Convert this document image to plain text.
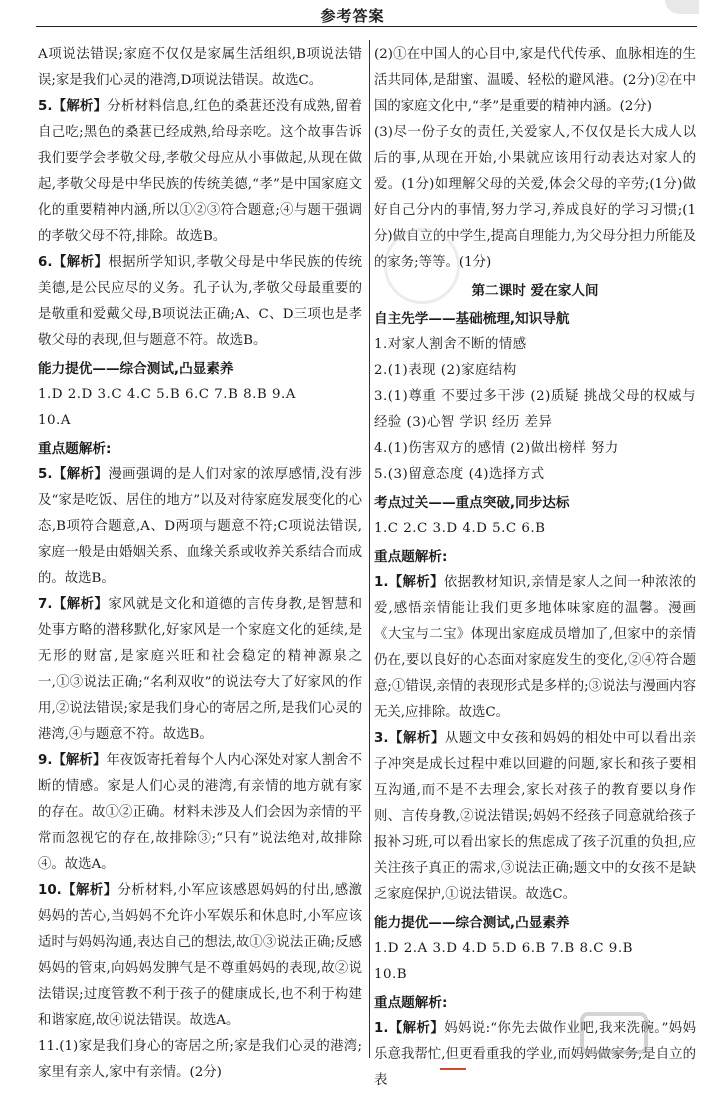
参考答案

A项说法错误;家庭不仅仅是家属生活组织,B项说法错误;家是我们心灵的港湾,D项说法错误。故选C。

5.【解析】分析材料信息,红色的桑葚还没有成熟,留着自己吃;黑色的桑葚已经成熟,给母亲吃。这个故事告诉我们要学会孝敬父母,孝敬父母应从小事做起,从现在做起,孝敬父母是中华民族的传统美德,“孝”是中国家庭文化的重要精神内涵,所以①②③符合题意;④与题干强调的孝敬父母不符,排除。故选B。

6.【解析】根据所学知识,孝敬父母是中华民族的传统美德,是公民应尽的义务。孔子认为,孝敬父母最重要的是敬重和爱戴父母,B项说法正确;A、C、D三项也是孝敬父母的表现,但与题意不符。故选B。

能力提优——综合测试,凸显素养
1.D 2.D 3.C 4.C 5.B 6.C 7.B 8.B 9.A
10.A
重点题解析:

5.【解析】漫画强调的是人们对家的浓厚感情,没有涉及“家是吃饭、居住的地方”以及对待家庭发展变化的心态,B项符合题意,A、D两项与题意不符;C项说法错误,家庭一般是由婚姻关系、血缘关系或收养关系结合而成的。故选B。

7.【解析】家风就是文化和道德的言传身教,是智慧和处事方略的潜移默化,好家风是一个家庭文化的延续,是无形的财富,是家庭兴旺和社会稳定的精神源泉之一,①③说法正确;“名利双收”的说法夸大了好家风的作用,②说法错误;家是我们身心的寄居之所,是我们心灵的港湾,④与题意不符。故选B。

9.【解析】年夜饭寄托着每个人内心深处对家人割舍不断的情感。家是人们心灵的港湾,有亲情的地方就有家的存在。故①②正确。材料未涉及人们会因为亲情的平常而忽视它的存在,故排除③;“只有”说法绝对,故排除④。故选A。

10.【解析】分析材料,小军应该感恩妈妈的付出,感激妈妈的苦心,当妈妈不允许小军娱乐和休息时,小军应该适时与妈妈沟通,表达自己的想法,故①③说法正确;反感妈妈的管束,向妈妈发脾气是不尊重妈妈的表现,故②说法错误;过度管教不利于孩子的健康成长,也不利于构建和谐家庭,故④说法错误。故选A。

11.(1)家是我们身心的寄居之所;家是我们心灵的港湾;家里有亲人,家中有亲情。(2分)

(2)①在中国人的心目中,家是代代传承、血脉相连的生活共同体,是甜蜜、温暖、轻松的避风港。(2分)②在中国的家庭文化中,“孝”是重要的精神内涵。(2分)

(3)尽一份子女的责任,关爱家人,不仅仅是长大成人以后的事,从现在开始,小果就应该用行动表达对家人的爱。(1分)如理解父母的关爱,体会父母的辛劳;(1分)做好自己分内的事情,努力学习,养成良好的学习习惯;(1分)做自立的中学生,提高自理能力,为父母分担力所能及的家务;等等。(1分)

第二课时 爱在家人间
自主先学——基础梳理,知识导航
1.对家人割舍不断的情感
2.(1)表现 (2)家庭结构
3.(1)尊重 不要过多干涉 (2)质疑 挑战父母的权威与经验 (3)心智 学识 经历 差异
4.(1)伤害双方的感情 (2)做出榜样 努力
5.(3)留意态度 (4)选择方式
考点过关——重点突破,同步达标
1.C 2.C 3.D 4.D 5.C 6.B
重点题解析:

1.【解析】依据教材知识,亲情是家人之间一种浓浓的爱,感悟亲情能让我们更多地体味家庭的温馨。漫画《大宝与二宝》体现出家庭成员增加了,但家中的亲情仍在,要以良好的心态面对家庭发生的变化,②④符合题意;①错误,亲情的表现形式是多样的;③说法与漫画内容无关,应排除。故选C。

3.【解析】从题文中女孩和妈妈的相处中可以看出亲子冲突是成长过程中难以回避的问题,家长和孩子要相互沟通,而不是不去理会,家长对孩子的教育要以身作则、言传身教,②说法错误;妈妈不经孩子同意就给孩子报补习班,可以看出家长的焦虑成了孩子沉重的负担,应关注孩子真正的需求,③说法正确;题文中的女孩不是缺乏家庭保护,①说法错误。故选C。

能力提优——综合测试,凸显素养
1.D 2.A 3.D 4.D 5.D 6.B 7.B 8.C 9.B
10.B
重点题解析:

1.【解析】妈妈说:“你先去做作业吧,我来洗碗。”妈妈乐意我帮忙,但更看重我的学业,而妈妈做家务,是自立的表
